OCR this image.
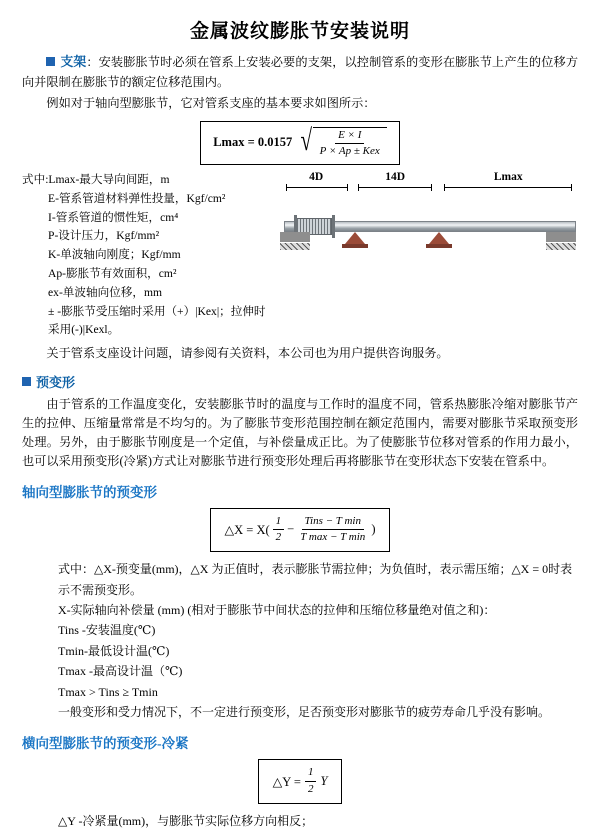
金属波纹膨胀节安装说明
支架：安装膨胀节时必须在管系上安装必要的支架，以控制管系的变形在膨胀节上产生的位移方向并限制在膨胀节的额定位移范围内。
例如对于轴向型膨胀节，它对管系支座的基本要求如图所示：
Lmax = 0.0157 √ $\frac{E \times I}{\text{P × Ap ± Kex}}$
式中:Lmax-最大导向间距，m
E-管系管道材料弹性投量，Kgf/cm²
I-管系管道的惯性矩，cm⁴
P-设计压力，Kgf/mm²
K-单波轴向刚度；Kgf/mm
Ap-膨胀节有效面积，cm²
ex-单波轴向位移，mm
± -膨胀节受压缩时采用（+）|Kex|；拉伸时采用(-)|Kexl。
4D	14D	Lmax
关于管系支座设计问题，请参阅有关资料，本公司也为用户提供咨询服务。
预变形
由于管系的工作温度变化，安装膨胀节时的温度与工作时的温度不同，管系热膨胀冷缩对膨胀节产生的拉伸、压缩量常常是不均匀的。为了膨胀节变形范围控制在额定范围内，需要对膨胀节采取预变形处理。另外，由于膨胀节刚度是一个定值，与补偿量成正比。为了使膨胀节位移对管系的作用力最小，也可以采用预变形(冷紧)方式让对膨胀节进行预变形处理后再将膨胀节在变形状态下安装在管系中。
轴向型膨胀节的预变形
△X = $X( \frac{1}{2} - \frac{\text{Tins − T min}}{\text{T max − T min}}$ )
式中：△X-预变量(mm)，△X 为正值时，表示膨胀节需拉伸；为负值时，表示需压缩；△X = 0时表示不需预变形。
X-实际轴向补偿量 (mm) (相对于膨胀节中间状态的拉伸和压缩位移量绝对值之和)：
Tins -安装温度(℃)
Tmin-最低设计温(℃)
Tmax -最高设计温（℃)
Tmax > Tins ≥ Tmin
一般变形和受力情况下，不一定进行预变形，足否预变形对膨胀节的疲劳寿命几乎没有影响。
横向型膨胀节的预变形-冷紧
△Y = $\frac{1}{2}$ Y
△Y -冷紧量(mm)，与膨胀节实际位移方向相反；
